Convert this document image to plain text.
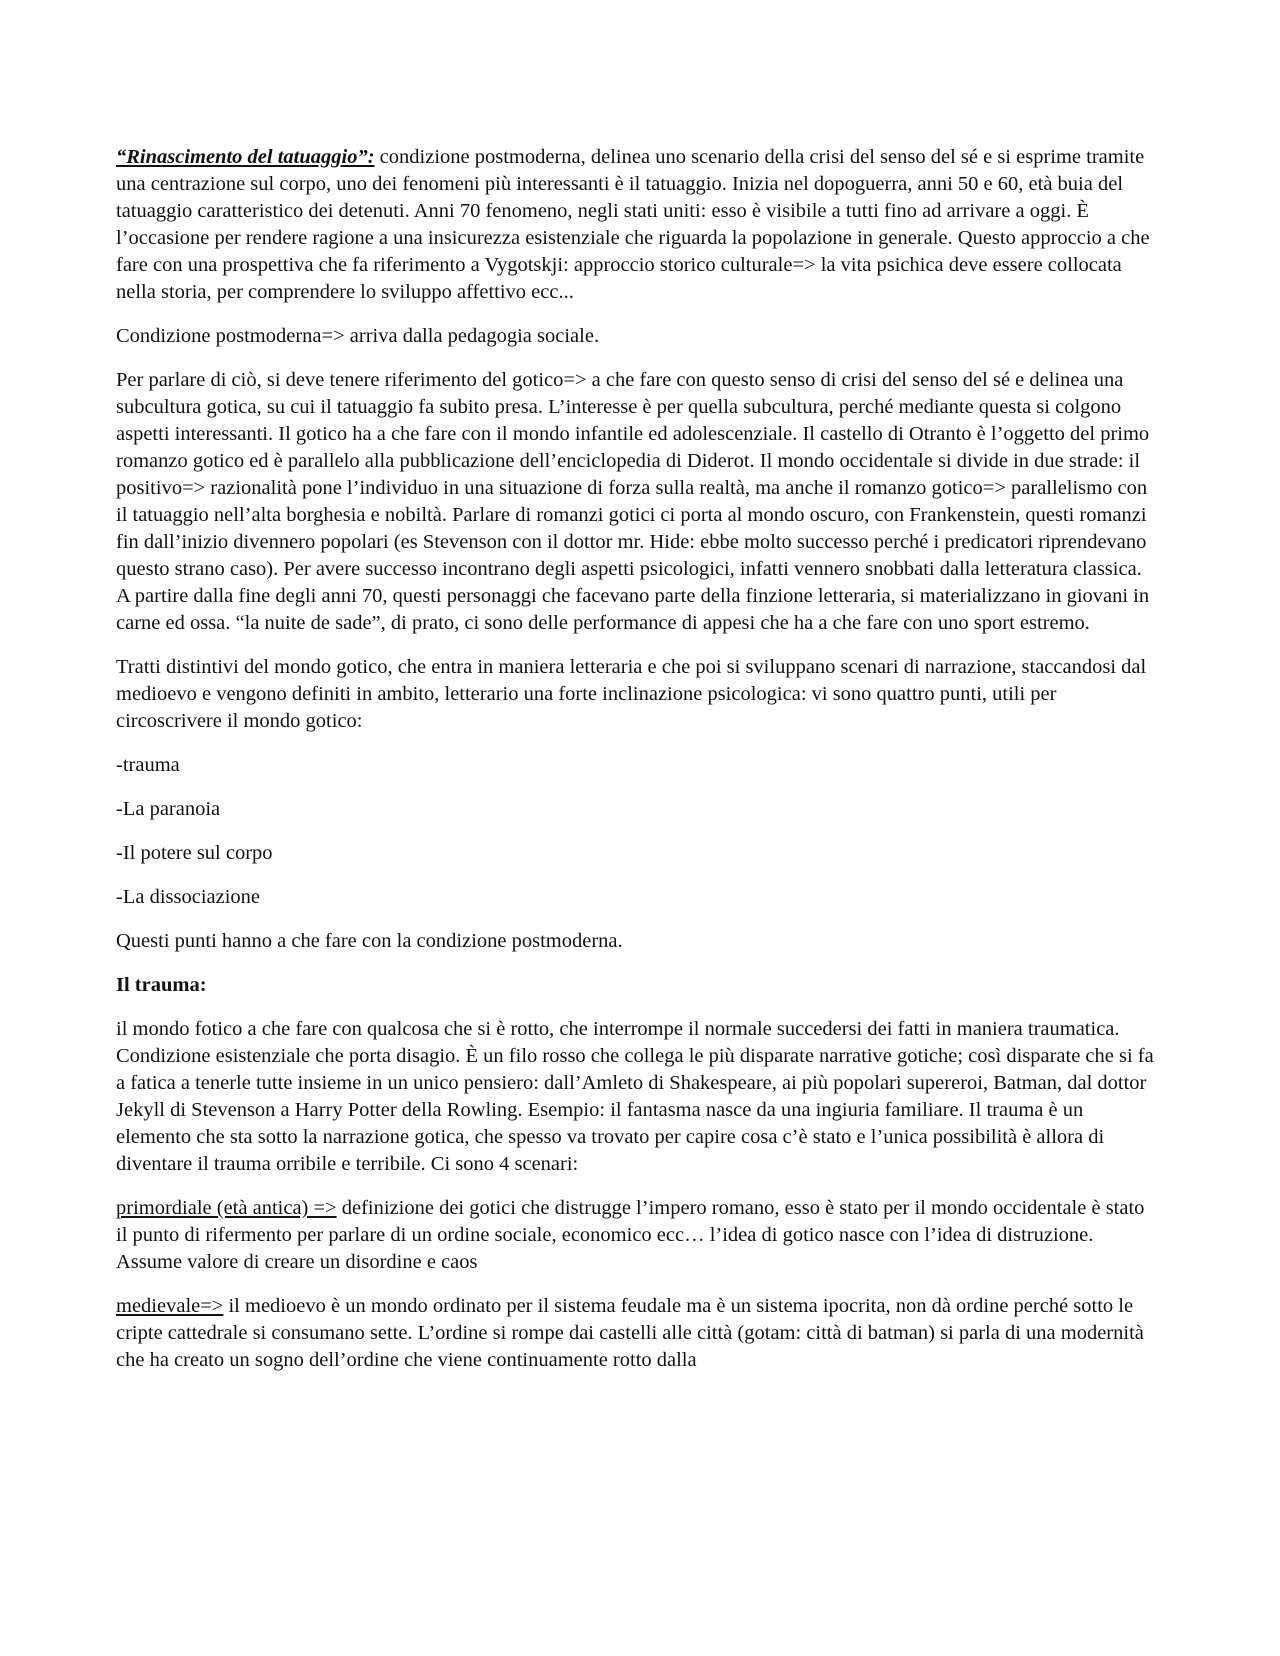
“Rinascimento del tatuaggio”: condizione postmoderna, delinea uno scenario della crisi del senso del sé e si esprime tramite una centrazione sul corpo, uno dei fenomeni più interessanti è il tatuaggio. Inizia nel dopoguerra, anni 50 e 60, età buia del tatuaggio caratteristico dei detenuti. Anni 70 fenomeno, negli stati uniti: esso è visibile a tutti fino ad arrivare a oggi. È l’occasione per rendere ragione a una insicurezza esistenziale che riguarda la popolazione in generale. Questo approccio a che fare con una prospettiva che fa riferimento a Vygotskji: approccio storico culturale=> la vita psichica deve essere collocata nella storia, per comprendere lo sviluppo affettivo ecc...

Condizione postmoderna=> arriva dalla pedagogia sociale.

Per parlare di ciò, si deve tenere riferimento del gotico=> a che fare con questo senso di crisi del senso del sé e delinea una subcultura gotica, su cui il tatuaggio fa subito presa. L’interesse è per quella subcultura, perché mediante questa si colgono aspetti interessanti. Il gotico ha a che fare con il mondo infantile ed adolescenziale. Il castello di Otranto è l’oggetto del primo romanzo gotico ed è parallelo alla pubblicazione dell’enciclopedia di Diderot. Il mondo occidentale si divide in due strade: il positivo=> razionalità pone l’individuo in una situazione di forza sulla realtà, ma anche il romanzo gotico=> parallelismo con il tatuaggio nell’alta borghesia e nobiltà. Parlare di romanzi gotici ci porta al mondo oscuro, con Frankenstein, questi romanzi fin dall’inizio divennero popolari (es Stevenson con il dottor mr. Hide: ebbe molto successo perché i predicatori riprendevano questo strano caso). Per avere successo incontrano degli aspetti psicologici, infatti vennero snobbati dalla letteratura classica. A partire dalla fine degli anni 70, questi personaggi che facevano parte della finzione letteraria, si materializzano in giovani in carne ed ossa. “la nuite de sade”, di prato, ci sono delle performance di appesi che ha a che fare con uno sport estremo.

Tratti distintivi del mondo gotico, che entra in maniera letteraria e che poi si sviluppano scenari di narrazione, staccandosi dal medioevo e vengono definiti in ambito, letterario una forte inclinazione psicologica: vi sono quattro punti, utili per circoscrivere il mondo gotico:

-trauma

-La paranoia

-Il potere sul corpo

-La dissociazione

Questi punti hanno a che fare con la condizione postmoderna.

Il trauma:

il mondo fotico a che fare con qualcosa che si è rotto, che interrompe il normale succedersi dei fatti in maniera traumatica. Condizione esistenziale che porta disagio. È un filo rosso che collega le più disparate narrative gotiche; così disparate che si fa a fatica a tenerle tutte insieme in un unico pensiero: dall’Amleto di Shakespeare, ai più popolari supereroi, Batman, dal dottor Jekyll di Stevenson a Harry Potter della Rowling. Esempio: il fantasma nasce da una ingiuria familiare. Il trauma è un elemento che sta sotto la narrazione gotica, che spesso va trovato per capire cosa c’è stato e l’unica possibilità è allora di diventare il trauma orribile e terribile. Ci sono 4 scenari:

primordiale (età antica) => definizione dei gotici che distrugge l’impero romano, esso è stato per il mondo occidentale è stato il punto di rifermento per parlare di un ordine sociale, economico ecc… l’idea di gotico nasce con l’idea di distruzione. Assume valore di creare un disordine e caos

medievale=> il medioevo è un mondo ordinato per il sistema feudale ma è un sistema ipocrita, non dà ordine perché sotto le cripte cattedrale si consumano sette. L’ordine si rompe dai castelli alle città (gotam: città di batman) si parla di una modernità che ha creato un sogno dell’ordine che viene continuamente rotto dalla
